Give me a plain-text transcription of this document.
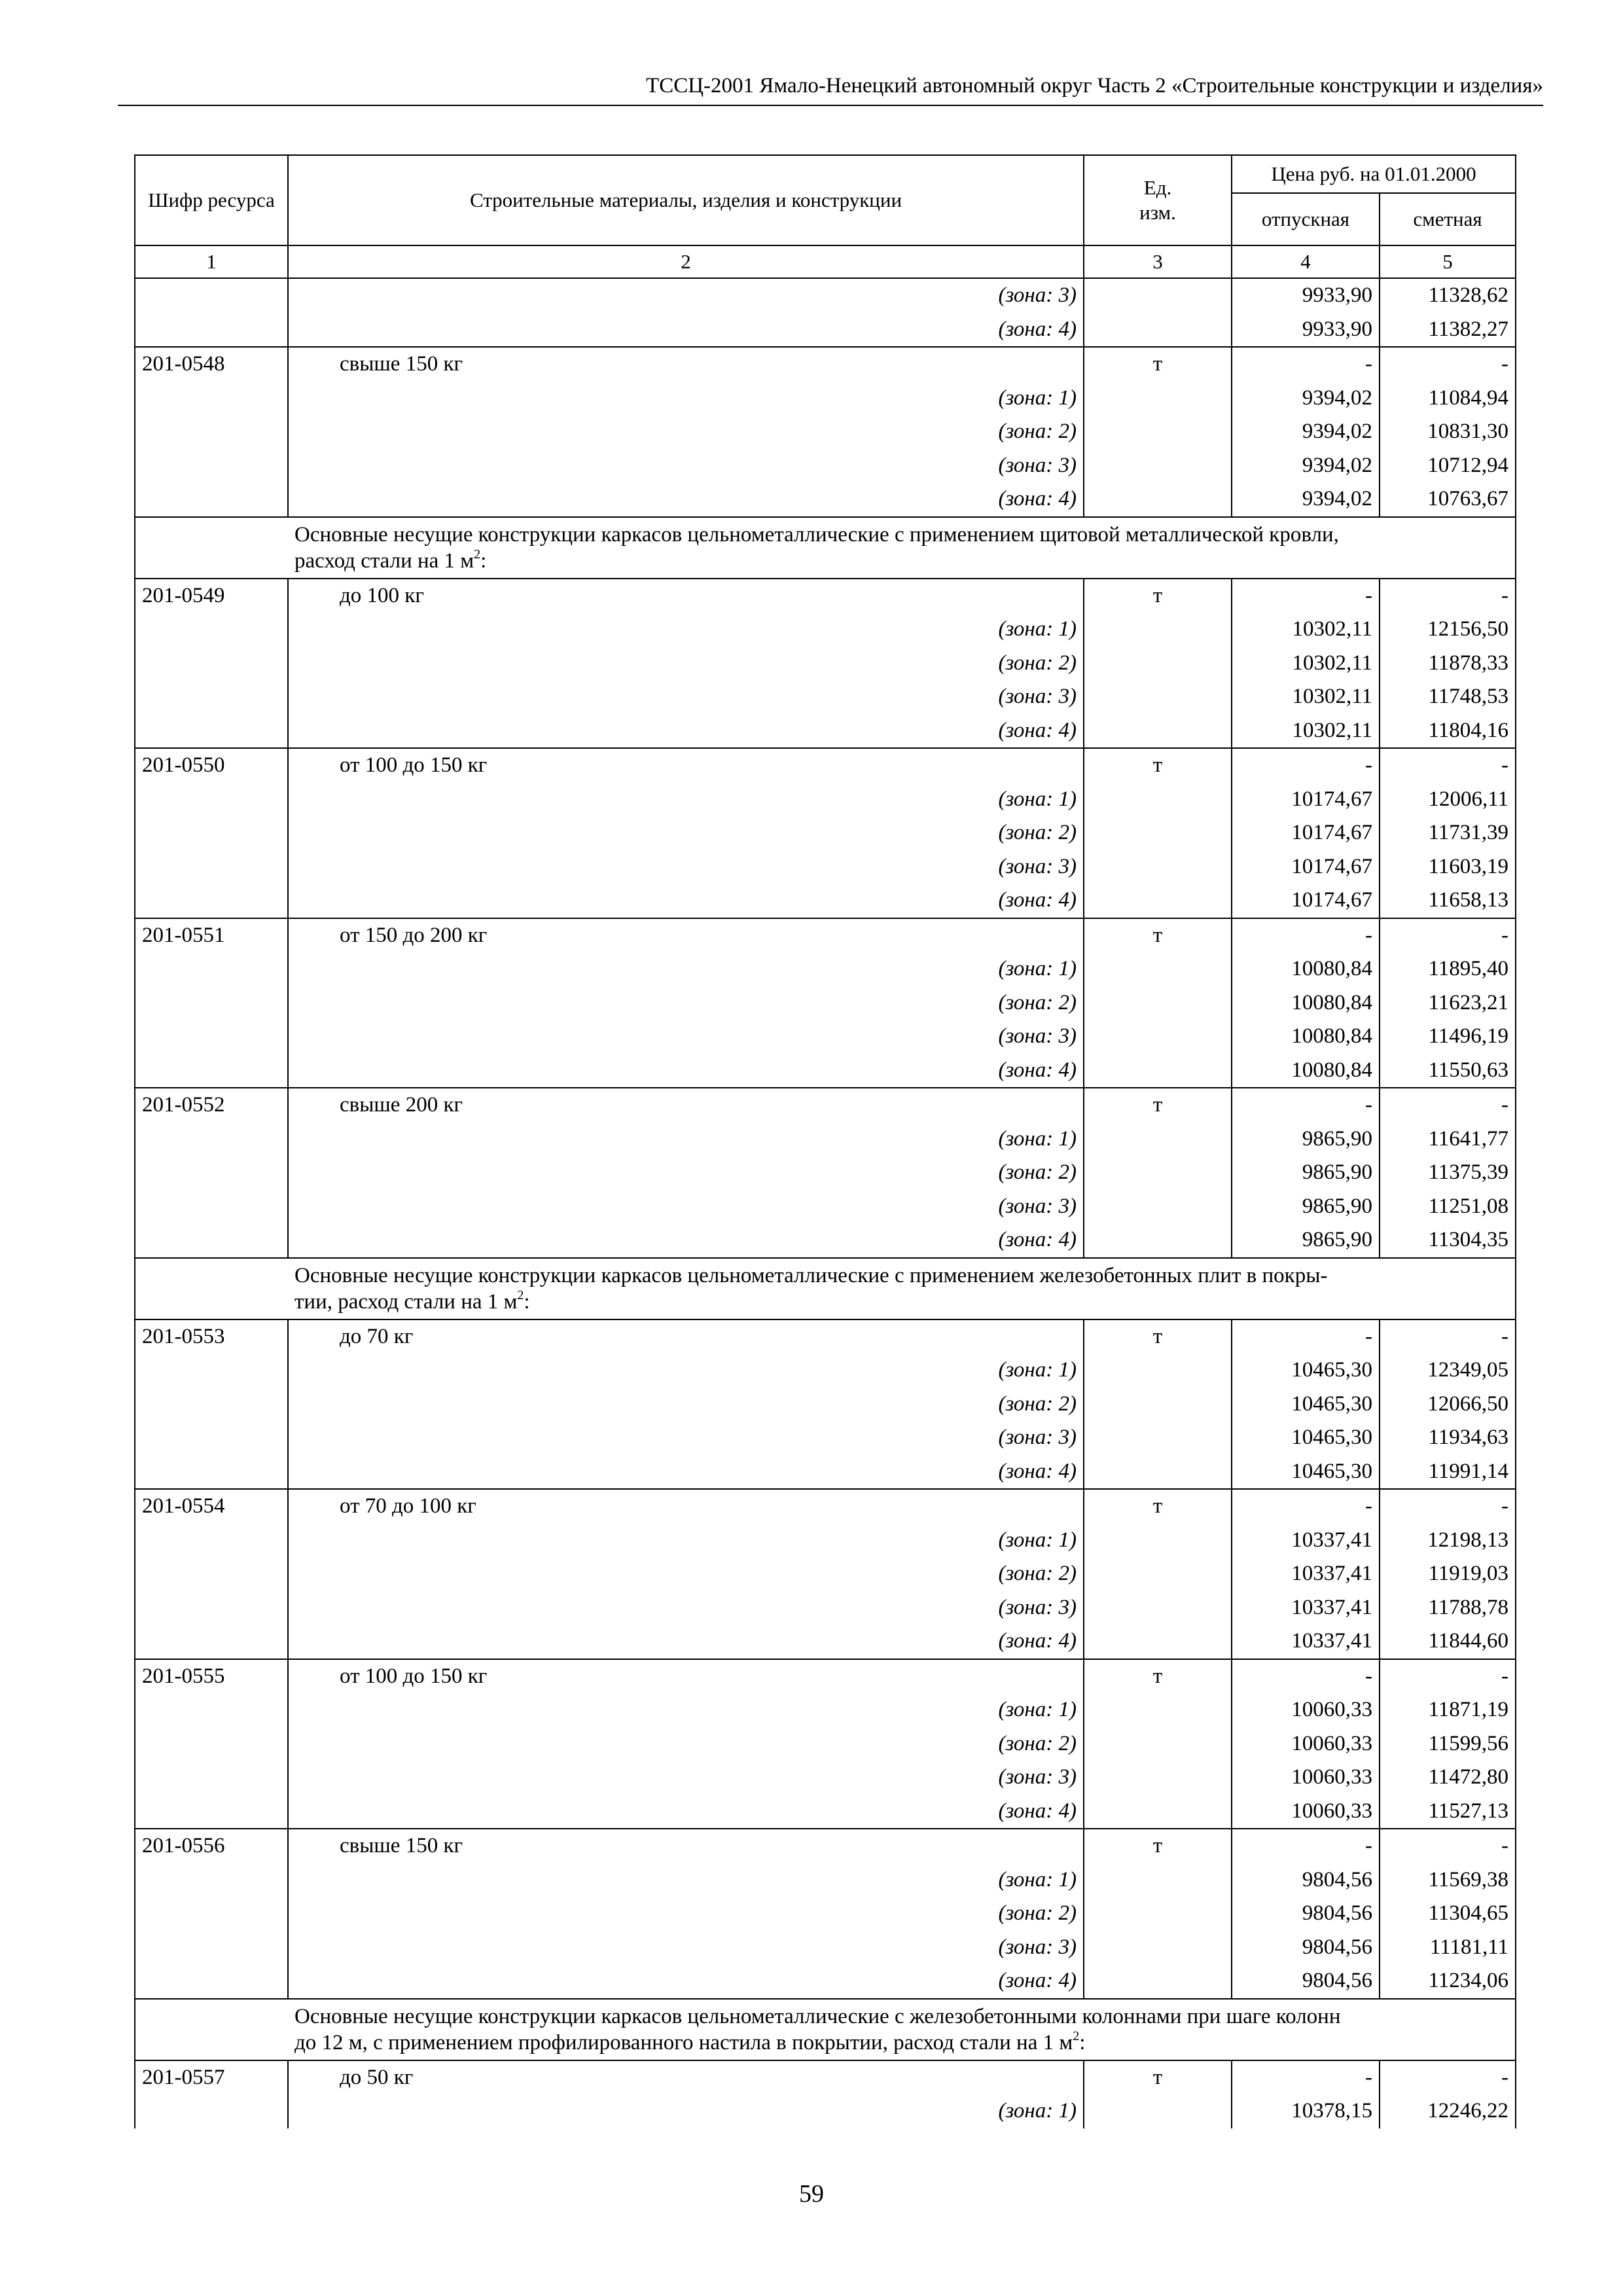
ТССЦ-2001 Ямало-Ненецкий автономный округ Часть 2 «Строительные конструкции и изделия»
Шифр ресурса	Строительные материалы, изделия и конструкции	Ед. изм.	Цена руб. на 01.01.2000	
			отпускная	сметная
1	2	3	4	5
	(зона: 3)		9933,90	11328,62
	(зона: 4)		9933,90	11382,27
201-0548	свыше 150 кг	т	-	-
	(зона: 1)		9394,02	11084,94
	(зона: 2)		9394,02	10831,30
	(зона: 3)		9394,02	10712,94
	(зона: 4)		9394,02	10763,67

	Основные несущие конструкции каркасов цельнометаллические с применением щитовой металлической кровли,
расход стали на 1 $м^2$:			

201-0549	до 100 кг	т	-	-
	(зона: 1)		10302,11	12156,50
	(зона: 2)		10302,11	11878,33
	(зона: 3)		10302,11	11748,53
	(зона: 4)		10302,11	11804,16
201-0550	от 100 до 150 кг	т	-	-
	(зона: 1)		10174,67	12006,11
	(зона: 2)		10174,67	11731,39
	(зона: 3)		10174,67	11603,19
	(зона: 4)		10174,67	11658,13
201-0551	от 150 до 200 кг	т	-	-
	(зона: 1)		10080,84	11895,40
	(зона: 2)		10080,84	11623,21
	(зона: 3)		10080,84	11496,19
	(зона: 4)		10080,84	11550,63
201-0552	свыше 200 кг	т	-	-
	(зона: 1)		9865,90	11641,77
	(зона: 2)		9865,90	11375,39
	(зона: 3)		9865,90	11251,08
	(зона: 4)		9865,90	11304,35

	Основные несущие конструкции каркасов цельнометаллические с применением железобетонных плит в покры-
тии, расход стали на 1 $м^2$:			

201-0553	до 70 кг	т	-	-
	(зона: 1)		10465,30	12349,05
	(зона: 2)		10465,30	12066,50
	(зона: 3)		10465,30	11934,63
	(зона: 4)		10465,30	11991,14
201-0554	от 70 до 100 кг	т	-	-
	(зона: 1)		10337,41	12198,13
	(зона: 2)		10337,41	11919,03
	(зона: 3)		10337,41	11788,78
	(зона: 4)		10337,41	11844,60
201-0555	от 100 до 150 кг	т	-	-
	(зона: 1)		10060,33	11871,19
	(зона: 2)		10060,33	11599,56
	(зона: 3)		10060,33	11472,80
	(зона: 4)		10060,33	11527,13
201-0556	свыше 150 кг	т	-	-
	(зона: 1)		9804,56	11569,38
	(зона: 2)		9804,56	11304,65
	(зона: 3)		9804,56	11181,11
	(зона: 4)		9804,56	11234,06

	Основные несущие конструкции каркасов цельнометаллические с железобетонными колоннами при шаге колонн
до 12 м, с применением профилированного настила в покрытии, расход стали на 1 $м^2$:			

201-0557	до 50 кг	т	-	-
	(зона: 1)		10378,15	12246,22
59
